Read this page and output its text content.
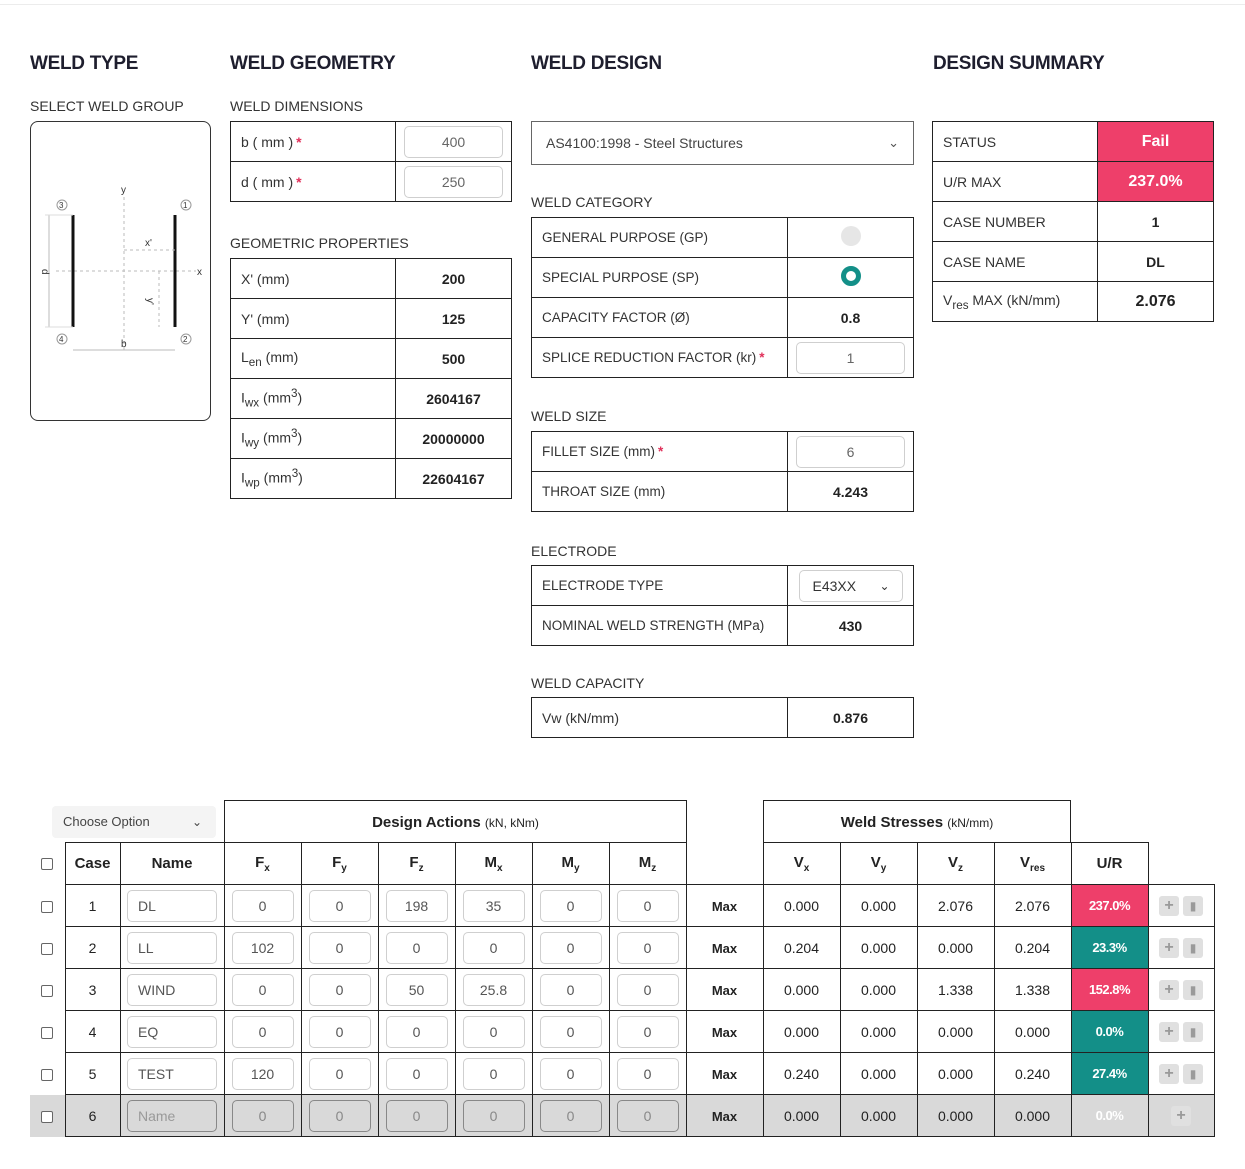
WELD TYPE	WELD GEOMETRY	WELD DESIGN	DESIGN SUMMARY
SELECT WELD GROUP
y
x
x'
y'
d
b
3	1
4	2
WELD DIMENSIONS
b ( mm ) *	400

d ( mm ) *	250
GEOMETRIC PROPERTIES
X' (mm)	200
Y' (mm)	125
$L_{en}$ (mm)	500
$I_{wx}$ $(mm^3)$	2604167
$I_{wy}$ $(mm^3)$	20000000
$I_{wp}$ $(mm^3)$	22604167
AS4100:1998 - Steel Structures	⌄
WELD CATEGORY
GENERAL PURPOSE (GP)	
SPECIAL PURPOSE (SP)	
CAPACITY FACTOR (Ø)	0.8
SPLICE REDUCTION FACTOR (kr) *	1
WELD SIZE
FILLET SIZE (mm) *	6

THROAT SIZE (mm)	4.243
ELECTRODE
ELECTRODE TYPE	E43XX ⌄

NOMINAL WELD STRENGTH (MPa)	430
WELD CAPACITY
Vw (kN/mm)	0.876
STATUS	Fail
U/R MAX	237.0%
CASE NUMBER	1
CASE NAME	DL
$V_{res}$ MAX (kN/mm)	2.076
Choose Option	⌄	Design Actions (kN, kNm)	Weld Stresses (kN/mm)
	Case	Name	$F_x$	$F_y$	$F_z$	$M_x$	$M_y$	$M_z$		$V_x$	$V_y$	$V_z$	$V_{res}$	U/R	
	1	DL	0	0	198	35	0	0	Max	0.000	0.000	2.076	2.076	237.0%	+ ▮
	2	LL	102	0	0	0	0	0	Max	0.204	0.000	0.000	0.204	23.3%	+ ▮
	3	WIND	0	0	50	25.8	0	0	Max	0.000	0.000	1.338	1.338	152.8%	+ ▮
	4	EQ	0	0	0	0	0	0	Max	0.000	0.000	0.000	0.000	0.0%	+ ▮
	5	TEST	120	0	0	0	0	0	Max	0.240	0.000	0.000	0.240	27.4%	+ ▮
	6	Name	0	0	0	0	0	0	Max	0.000	0.000	0.000	0.000	0.0%	+
